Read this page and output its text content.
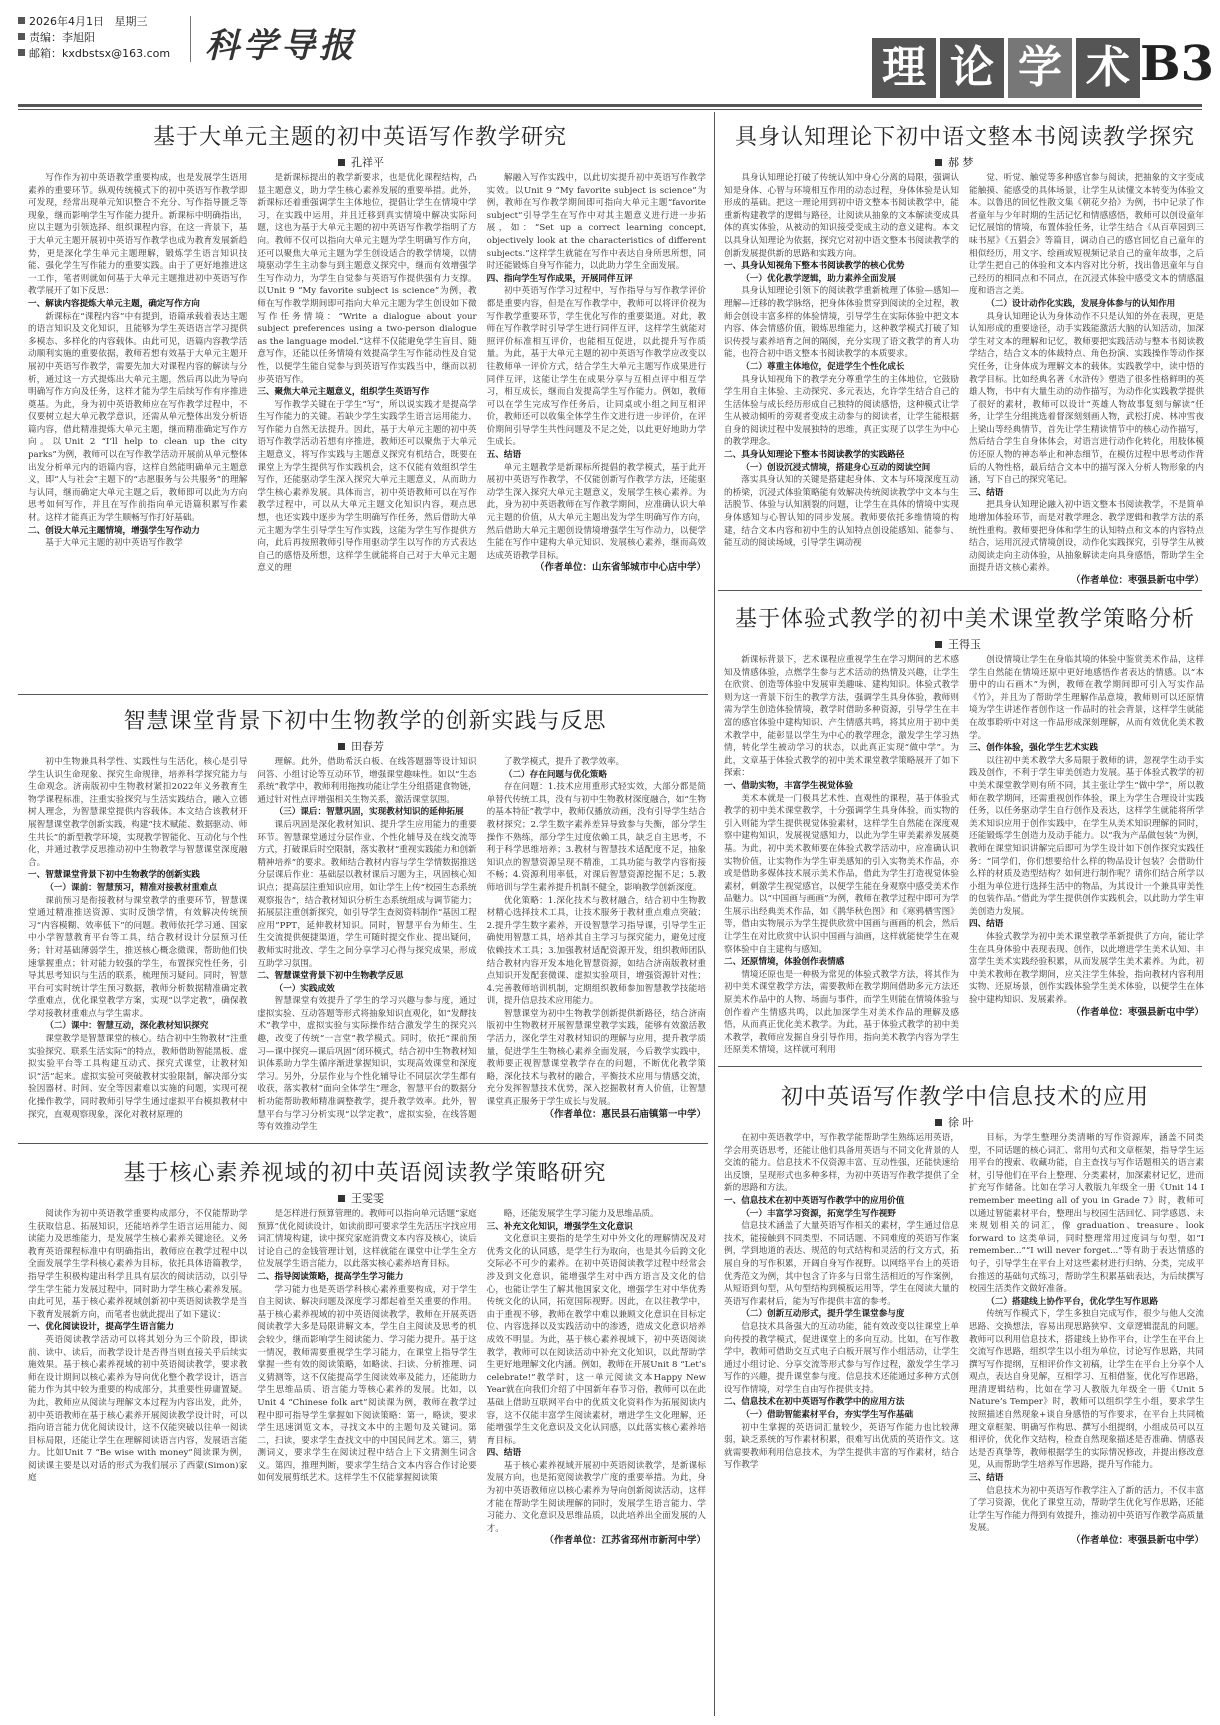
2026年4月1日 星期三
责编：李旭阳
邮箱：kxdbstsx@163.com	科学导报	理 论 学 术 B3
基于大单元主题的初中英语写作教学研究
孔祥平

写作作为初中英语教学重要构成，也是发展学生语用素养的重要环节。纵观传统模式下的初中英语写作教学即可发现，经常出现单元知识整合不充分、写作指导匮乏等现象，继而影响学生写作能力提升。新课标中明确指出，应以主题为引领选择、组织课程内容，在这一背景下，基于大单元主题开展初中英语写作教学也成为教育发展新趋势，更是深化学生单元主题理解，锻炼学生语言知识技能、强化学生写作能力的重要实践。由于了更好地推进这一工作，笔者则就如何基于大单元主题推进初中英语写作教学展开了如下反思：

一、解读内容提炼大单元主题，确定写作方向

新课标在“课程内容”中有提到，语篇承载着表达主题的语言知识及文化知识，且能够为学生英语语言学习提供多模态、多样化的内容载体。由此可见，语篇内容教学活动顺利实施的重要依据，教师若想有效基于大单元主题开展初中英语写作教学，需要先加大对课程内容的解读与分析，通过这一方式提炼出大单元主题，然后再以此为导向明确写作方向及任务，这样才能为学生后续写作有序推进奠基。为此，身为初中英语教师应在写作教学过程中，不仅要树立起大单元教学意识，还需从单元整体出发分析语篇内容，借此精准提炼大单元主题，继而精准确定写作方向。以Unit 2 “I’ll help to clean up the city parks”为例，教师可以在写作教学活动开展前从单元整体出发分析单元内的语篇内容，这样自然能明确单元主题意义，即“人与社会”主题下的“志愿服务与公共服务”的理解与认同，继而确定大单元主题之后，教师即可以此为方向思考如何写作，并且在写作前指向单元语篇积累写作素材。这样才能真正为学生顺畅写作打好基础。

二、创设大单元主题情境，增强学生写作动力

基于大单元主题的初中英语写作教学

是新课标提出的教学新要求，也是优化课程结构，凸显主题意义，助力学生核心素养发展的重要举措。此外，新课标还着重强调学生主体地位，提倡让学生在情境中学习，在实践中运用，并且迁移到真实情境中解决实际问题，这也为基于大单元主题的初中英语写作教学指明了方向。教师不仅可以指向大单元主题为学生明确写作方向，还可以聚焦大单元主题为学生创设适合的教学情境，以情境驱动学生主动参与到主题意义探究中，继而有效增强学生写作动力，为学生自觉参与英语写作提供强有力支撑。以Unit 9 “My favorite subject is science”为例，教师在写作教学期间即可指向大单元主题为学生创设如下微写作任务情境：“Write a dialogue about your subject preferences using a two-person dialogue as the language model.”这样不仅能避免学生盲目、随意写作，还能以任务情境有效提高学生写作能动性及自觉性，以便学生能自觉参与到英语写作实践当中，继而以初步英语写作。

三、聚焦大单元主题意义，组织学生英语写作

写作教学关键在于学生“写”，所以说实践才是提高学生写作能力的关键。若缺少学生实践学生语言运用能力、写作能力自然无法提升。因此，基于大单元主题的初中英语写作教学活动若想有序推进，教师还可以聚焦于大单元主题意义，将写作实践与主题意义探究有机结合，既要在课堂上为学生提供写作实践机会，这不仅能有效组织学生写作，还能驱动学生深入探究大单元主题意义，从而助力学生核心素养发展。具体而言，初中英语教师可以在写作教学过程中，可以从大单元主题文化知识内容，观点思想，也还实践中逐步为学生明确写作任务，然后借助大单元主题为学生引导学生写作实践，这能为学生写作提供方向，此后再按照教师引导作用驱动学生以写作的方式表达自己的感悟及所想，这样学生就能将自己对于大单元主题意义的理

解融入写作实践中，以此切实提升初中英语写作教学实效。以Unit 9 “My favorite subject is science”为例，教师在写作教学期间即可指向大单元主题“favorite subject”引导学生在写作中对其主题意义进行进一步拓展，如：“Set up a correct learning concept, objectively look at the characteristics of different subjects.”这样学生就能在写作中表达自身所思所想，同时还能锻炼自身写作能力，以此助力学生全面发展。

四、指向学生写作成果，开展同伴互评

初中英语写作学习过程中，写作指导与写作教学评价都是重要内容，但是在写作教学中，教师可以将评价视为写作教学重要环节，学生优化写作的重要渠道。对此，教师在写作教学时引导学生进行同伴互评，这样学生就能对照评价标准相互评价，也能相互促进，以此提升写作质量。为此，基于大单元主题的初中英语写作教学应改变以往教师单一评价方式，结合学生大单元主题写作成果进行同伴互评，这能让学生在成果分享与互相点评中相互学习，相互成长，继而自发提高学生写作能力。例如，教师可以在学生完成写作任务后，让同桌或小组之间互相评价，教师还可以收集全体学生作文进行进一步评价，在评价期间引导学生共性问题及不足之处，以此更好地助力学生成长。

五、结语

单元主题教学是新课标所提倡的教学模式，基于此开展初中英语写作教学，不仅能创新写作教学方法，还能驱动学生深入探究大单元主题意义，发展学生核心素养。为此，身为初中英语教师在写作教学期间，应准确认识大单元主题的价值，从大单元主题出发为学生明确写作方向，然后借助大单元主题创设情境增强学生写作动力，以便学生能在写作中建构大单元知识、发展核心素养，继而高效达成英语教学目标。

（作者单位：山东省邹城市中心店中学）
智慧课堂背景下初中生物教学的创新实践与反思
田春芳

初中生物兼具科学性、实践性与生活化，核心是引导学生认识生命现象、探究生命规律，培养科学探究能力与生命观念。济南版初中生物教材紧扣2022年义务教育生物学课程标准，注重实验探究与生活实践结合，融入立德树人理念，为智慧课堂提供内容载体。本文结合该教材开展智慧课堂教学创新实践，构建“技术赋能、数据驱动、师生共长”的新型教学环境，实现教学智能化、互动化与个性化，并通过教学反思推动初中生物教学与智慧课堂深度融合。

一、智慧课堂背景下初中生物教学的创新实践

（一）课前：智慧预习，精准对接教材重难点

课前预习是衔接教材与课堂教学的重要环节，智慧课堂通过精准推送资源、实时反馈学情，有效解决传统预习“内容模糊、效率低下”的问题。教师依托学习通、国家中小学智慧教育平台等工具，结合教材设计分层预习任务；针对基础薄弱学生，推送核心概念微课，帮助他们快速掌握重点；针对能力较强的学生，布置探究性任务，引导其思考知识与生活的联系，梳理预习疑问。同时，智慧平台可实时统计学生预习数据，教师分析数据精准确定教学重难点，优化课堂教学方案，实现“以学定教”，确保教学对接教材重难点与学生需求。

（二）课中：智慧互动，深化教材知识探究

课堂教学是智慧课堂的核心。结合初中生物教材“注重实验探究、联系生活实际”的特点，教师借助智能黑板、虚拟实验平台等工具构建互动式、探究式课堂，让教材知识“活”起来。虚拟实验可突破教材实验限制，解决部分实验因器材、时间、安全等因素难以实施的问题，实现可视化操作教学，同时教师引导学生通过虚拟平台模拟教材中探究，直观观察现象，深化对教材原理的

理解。此外，借助希沃白板、在线答题器等设计知识问答、小组讨论等互动环节，增强课堂趣味性。如以“生态系统”教学中，教师利用拖拽功能让学生分组搭建食物链，通过针对性点评增强相关生物关系，激活课堂氛围。

（三）课后：智慧巩固，实现教材知识的延伸拓展

课后巩固是深化教材知识、提升学生应用能力的重要环节。智慧课堂通过分层作业、个性化辅导及在线交流等方式，打破课后时空限制，落实教材“重视实践能力和创新精神培养”的要求。教师结合教材内容与学生学情数据推送分层课后作业：基础层以教材课后习题为主，巩固核心知识点；提高层注重知识应用，如让学生上传“校园生态系统观察报告”，结合教材知识分析生态系统组成与调节能力；拓展层注重创新探究，如引导学生查阅资料制作“基因工程应用”PPT，延伸教材知识。同时，智慧平台为师生、生生交流提供便捷渠道，学生可随时提交作业、提出疑问，教师实时批改、学生之间分享学习心得与探究成果，形成互助学习氛围。

二、智慧课堂背景下初中生物教学反思

（一）实践成效

智慧课堂有效提升了学生的学习兴趣与参与度，通过虚拟实验、互动答题等形式将抽象知识直观化，如“发酵技术”教学中，虚拟实验与实际操作结合激发学生的探究兴趣，改变了传统“一言堂”教学模式。同时，依托“课前预习—课中探究—课后巩固”闭环模式，结合初中生物教材知识体系助力学生循序渐进掌握知识，实现高效课堂和深度学习。另外，分层作业与个性化辅导让不同层次学生都有收获，落实教材“面向全体学生”理念，智慧平台的数据分析功能帮助教师精准调整教学，提升教学效率。此外，智慧平台与学习分析实现“以学定教”，虚拟实验，在线答题等有效推动学生

了教学模式，提升了教学效率。

（二）存在问题与优化策略

存在问题：1.技术应用重形式轻实效，大部分都是简单替代传统工具，没有与初中生物教材深度融合，如“生物的基本特征”教学中，教师仅播放动画，没有引导学生结合教材探究；2.学生数字素养差异导致参与失衡，部分学生操作不熟练，部分学生过度依赖工具，缺乏自主思考，不利于科学思维培养；3.教材与智慧技术适配度不足，抽象知识点的智慧资源呈现不精准，工具功能与教学内容衔接不畅；4.资源利用率低，对课后智慧资源挖掘不足；5.教师培训与学生素养提升机制不健全，影响教学创新深度。

优化策略：1.深化技术与教材融合，结合初中生物教材精心选择技术工具，让技术服务于教材重点难点突破；2.提升学生数字素养，开设智慧学习指导课，引导学生正确使用智慧工具，培养其自主学习与探究能力，避免过度依赖技术工具；3.加强教材适配资源开发，组织教师团队结合教材内容开发本地化智慧资源，如结合济南版教材重点知识开发配套微课、虚拟实验项目，增强资源针对性；4.完善教师培训机制，定期组织教师参加智慧教学技能培训，提升信息技术应用能力。

智慧课堂为初中生物教学创新提供新路径，结合济南版初中生物教材开展智慧课堂教学实践，能够有效激活教学活力，深化学生对教材知识的理解与应用，提升教学质量，促进学生生物核心素养全面发展，今后教学实践中，教师要正视智慧课堂教学存在的问题，不断优化教学策略，深化技术与教材的融合，平衡技术应用与情感交流，充分发挥智慧技术优势，深入挖掘教材育人价值，让智慧课堂真正服务于学生成长与发展。

（作者单位：惠民县石庙镇第一中学）
基于核心素养视域的初中英语阅读教学策略研究
王雯雯

阅读作为初中英语教学重要构成部分，不仅能帮助学生获取信息、拓展知识，还能培养学生语言运用能力、阅读能力及思维能力，是发展学生核心素养关键途径。义务教育英语课程标准中有明确指出，教师应在教学过程中以全面发展学生学科核心素养为目标，依托具体语篇教学，指导学生积极构建出科学且具有层次的阅读活动，以引导学生学生能力发展过程中，同时助力学生核心素养发展。由此可见，基于核心素养视域创新初中英语阅读教学是当下教育发展新方向，而笔者也就此提出了如下建议：

一、优化阅读设计，提高学生语言能力

英语阅读教学活动可以将其划分为三个阶段，即读前、读中、读后，而教学设计是否得当则直接关乎后续实施效果。基于核心素养视域的初中英语阅读教学，要求教师在设计期间以核心素养为导向优化整个教学设计，语言能力作为其中较为重要的构成部分，其重要性毋庸置疑。为此，教师应从阅读与理解文本过程为内容出发，此外，初中英语教师在基于核心素养开展阅读教学设计时，可以指向语言能力优化阅读设计，这不仅能突破以往单一阅读目标局限，还能让学生在理解阅读语言内容，发展语言能力。比如Unit 7 “Be wise with money”阅读课为例，阅读课主要是以对话的形式为我们展示了西蒙(Simon)家庭

是怎样进行预算管理的。教师可以指向单元话题“家庭预算”优化阅读设计，如读前即可要求学生先活压字找应用词汇情境构建，读中探究家庭消费文本内容及核心，读后讨论自己的金钱管理计划，这样就能在课堂中让学生全方位发展学生语言能力，以此落实核心素养培育目标。

二、指导阅读策略，提高学生学习能力

学习能力也是英语学科核心素养重要构成，对于学生自主阅读、解决问题及深度学习都起着至关重要的作用。基于核心素养视域的初中英语阅读教学，教师在开展英语阅读教学大多是局限讲解文本，学生自主阅读及思考的机会较少，继而影响学生阅读能力、学习能力提升。基于这一情况，教师需要重视学生学习能力，在课堂上指导学生掌握一些有效的阅读策略，如略读、扫读、分析推理、词义猜测等，这不仅能提高学生阅读效率及能力，还能助力学生思维品质、语言能力等核心素养的发展。比如，以Unit 4 “Chinese folk art”阅读课为例，教师在教学过程中即可指导学生掌握如下阅读策略：第一，略读，要求学生迅速浏览文本，寻找文本中的主题句及关键词。第二，扫读，要求学生查找文中的中国民间艺术。第三，猜测词义，要求学生在阅读过程中结合上下文猜测生词含义。第四，推理判断，要求学生结合文本内容合作讨论要如何发展剪纸艺术。这样学生不仅能掌握阅读策

略，还能发展学生学习能力及思维品质。

三、补充文化知识，增强学生文化意识

文化意识主要指的是学生对中外文化的理解情况及对优秀文化的认同感，是学生行为取向，也是其今后跨文化交际必不可少的素养。在初中英语阅读教学过程中经常会涉及到文化意识，能增强学生对中西方语言及文化的信心，也能让学生了解其他国家文化，增强学生对中华优秀传统文化的认同，拓宽国际视野。因此，在以往教学中，由于重视不够，教师在教学中难以兼顾文化意识在目标定位、内容选择以及实践活动中的渗透，造成文化意识培养成效不明显。为此，基于核心素养视域下，初中英语阅读教学，教师可以在阅读活动中补充文化知识，以此帮助学生更好地理解文化内涵。例如，教师在开展Unit 8 “Let’s celebrate!”教学时，这一单元阅读文本Happy New Year就在向我们介绍了中国新年春节习俗，教师可以在此基础上借助互联网平台中的优质文化资料作为拓展阅读内容，这不仅能丰富学生阅读素材，增进学生文化理解，还能增强学生文化意识及文化认同感，以此落实核心素养培育目标。

四、结语

基于核心素养视域开展初中英语阅读教学，是新课标发展方向，也是拓宽阅读教学广度的重要举措。为此，身为初中英语教师应以核心素养为导向创新阅读活动，这样才能在帮助学生阅读理解的同时，发展学生语言能力、学习能力、文化意识及思维品质，以此培养出全面发展的人才。

（作者单位：江苏省邳州市新河中学）
具身认知理论下初中语文整本书阅读教学探究
郝 梦

具身认知理论打破了传统认知中身心分离的局限，强调认知是身体、心智与环境相互作用的动态过程，身体体验是认知形成的基础。把这一理论用到初中语文整本书阅读教学中，能重新构建教学的逻辑与路径，让阅读从抽象的文本解读变成具体的真实体验，从被动的知识接受变成主动的意义建构。本文以具身认知理论为依据，探究它对初中语文整本书阅读教学的创新发展提供新的思路和实践方向。

一、具身认知视角下整本书阅读教学的核心优势

（一）优化教学逻辑，助力素养全面发展

具身认知理论引领下的阅读教学重新梳理了体验—感知—理解—迁移的教学脉络，把身体体验贯穿到阅读的全过程，教师会创设丰富多样的体验情境，引导学生在实际体验中把文本内容、体会情感价值，锻炼思维能力，这种教学模式打破了知识传授与素养培育之间的隔阂，充分实现了语文教学的育人功能，也符合初中语文整本书阅读教学的本质要求。

（二）尊重主体地位，促进学生个性化成长

具身认知视角下的教学充分尊重学生的主体地位，它鼓励学生用自主体验、主动探究、多元表达，允许学生结合自己的生活体验与成长经历形成自己独特的阅读感悟，这种模式让学生从被动倾听的旁观者变成主动参与的阅读者，让学生能根据自身的阅读过程中发展独特的思维，真正实现了以学生为中心的教学理念。

二、具身认知理论下整本书阅读教学的实践路径

（一）创设沉浸式情境，搭建身心互动的阅读空间

落实具身认知的关键是搭建起身体、文本与环境深度互动的桥梁，沉浸式体验策略能有效解决传统阅读教学中文本与生活脱节、体验与认知割裂的问题，让学生在具体的情境中实现身体感知与心智认知的同步发展。教师要依托多维情境的构建，结合文本内容和初中生的认知特点创设能感知、能参与、能互动的阅读场域，引导学生调动视

觉、听觉、触觉等多种感官参与阅读，把抽象的文字变成能触摸、能感受的具体场景，让学生从读懂文本转变为体验文本。以鲁迅的回忆性散文集《朝花夕拾》为例，书中记录了作者童年与少年时期的生活记忆和情感感悟，教师可以创设童年记忆展馆的情境，布置体验任务，让学生结合《从百草园到三味书屋》《五猖会》等篇目，调动自己的感官回忆自己童年的相似经历，用文字、绘画或短视频记录自己的童年故事，之后让学生把自己的体验和文本内容对比分析，找出鲁迅童年与自己经历的相同点和不同点，在沉浸式体验中感受文本的情感温度和语言之美。

（二）设计动作化实践，发展身体参与的认知作用

具身认知理论认为身体动作不只是认知的外在表现，更是认知形成的重要途径，动手实践能激活大脑的认知活动，加深学生对文本的理解和记忆，教师要把实践活动与整本书阅读教学结合，结合文本的体裁特点、角色扮演、实践操作等动作探究任务，让身体成为理解文本的载体。实践教学中，读中悟的教学目标。比如经典名著《水浒传》塑造了很多性格鲜明的英雄人物，书中有大量生动的动作描写，为动作化实践教学提供了很好的素材，教师可以设计“英雄人物故事复刻与解读”任务，让学生分组挑选着督深刻刻画人物，武松打虎、林冲雪夜上梁山等经典情节，首先让学生精读情节中的核心动作描写，然后结合学生自身体体会，对语言进行动作化转化，用肢体模仿还原人物的神态举止和神态细节，在模仿过程中思考动作背后的人物性格，最后结合文本中的描写深入分析人物形象的内涵，写下自己的探究笔记。

三、结语

把具身认知理论融入初中语文整本书阅读教学，不是简单地增加体验环节，而是对教学理念、教学逻辑和教学方法的系统性重构。教师要把身体和学生的认知特点和文本的内容特点结合，运用沉浸式情境创设，动作化实践探究，引导学生从被动阅读走向主动体验，从抽象解读走向具身感悟，帮助学生全面提升语文核心素养。

（作者单位：枣强县新屯中学）
基于体验式教学的初中美术课堂教学策略分析
王得玉

新课标背景下，艺术课程应重视学生在学习期间的艺术感知及情感体验，点燃学生参与艺术活动的热情及兴趣，让学生在欣赏、创造等体验中发展审美趣味、建构知识。体验式教学则为这一背景下衍生的教学方法，强调学生具身体验，教师则需为学生创造体验情境，教学时借助多种资源，引导学生在丰富的感官体验中建构知识、产生情感共鸣，将其应用于初中美术教学中，能彰显以学生为中心的教学理念，激发学生学习热情，转化学生被动学习的状态，以此真正实现“做中学”。为此，文章基于体验式教学的初中美术课堂教学策略展开了如下探索：

一、借助实物，丰富学生视觉体验

美术本就是一门极具艺术性、直观性的课程，基于体验式教学的初中美术课堂教学，十分强调学生具身体验，而实物的引入则能为学生提供视觉体验素材，这样学生自然能在深度观察中建构知识，发展视觉感知力，以此为学生审美素养发展奠基。为此，初中美术教师要在体验式教学活动中，应准确认识实物价值，让实物作为学生审美感知的引入实物美术作品，亦或是借助多媒体技术展示美术作品，借此为学生打造视觉体验素材，刺激学生视觉感官，以便学生能在身观察中感受美术作品魅力。以“中国画与画画”为例，教师在教学过程中即可为学生展示出经典美术作品，如《鹊华秋色图》和《寒鸦栖雪图》等，借由实物展示为学生提供欣赏中国画与画画的机会，然后让学生在对比欣赏中认识中国画与油画，这样就能使学生在观察体验中自主建构与感知。

二、还原情境，体验创作表情感

情境还原也是一种极为常见的体验式教学方法，将其作为初中美术课堂教学方法，需要教师在教学期间借助多元方法还原美术作品中的人物、场面与事件，而学生则能在情境体验与创作着产生情感共鸣，以此加深学生对美术作品的理解及感悟，从而真正优化美术教学。为此，基于体验式教学的初中美术教学，教师应发掘自身引导作用，指向美术教学内容为学生还原美术情境，这样就可利用

创设情境让学生在身临其境的体验中鉴赏美术作品，这样学生自然能在情境还原中更好地感悟作者表达的情感。以“本册中的山石画木”为例，教师在教学期间即可引入写实作品《竹》，并且为了帮助学生理解作品意境，教师则可以还原情境为学生讲述作者创作这一作品时的社会背景，这样学生就能在故事聆听中对这一作品形成深刻理解，从而有效优化美术教学。

三、创作体验，强化学生艺术实践

以往初中美术教学大多局限于教师的讲，忽视学生动手实践及创作，不利于学生审美创造力发展。基于体验式教学的初中美术课堂教学则有所不同，其主张让学生“做中学”，所以教师在教学期间，还需重视创作体验，课上为学生合理设计实践任务，以任务驱动学生自行创作及表达，这样学生就能将所学美术知识应用于创作实践中，在学生从美术知识理解的同时，还能锻炼学生创造力及动手能力。以“我为产品做包装”为例，教师在课堂知识讲解完后即可为学生设计如下创作探究实践任务：“同学们，你们想要给什么样的物品设计包装？会借助什么样的材质及造型结构？如何进行制作呢？请你们结合所学以小组为单位进行选择生活中的物品，为其设计一个兼具审美性的包装作品。”借此为学生提供创作实践机会，以此助力学生审美创造力发展。

四、结语

体验式教学为初中美术课堂教学革新提供了方向，能让学生在具身体验中表现表现、创作，以此增进学生美术认知、丰富学生美术实践经验积累，从而发展学生美术素养。为此，初中美术教师在教学期间，应关注学生体验，指向教材内容利用实物、还原场景，创作实践体验学生美术体验，以便学生在体验中建构知识、发展素养。

（作者单位：枣强县新屯中学）
初中英语写作教学中信息技术的应用
徐 叶

在初中英语教学中，写作教学能帮助学生熟练运用英语，学会用英语思考，还能让他们具备用英语与不同文化背景的人交流的能力。信息技术不仅资源丰富、互动性强，还能快速给出反馈，呈现形式也多种多样，为初中英语写作教学提供了全新的思路和方法。

一、信息技术在初中英语写作教学中的应用价值

（一）丰富学习资源，拓宽学生写作视野

信息技术涵盖了大量英语写作相关的素材，学生通过信息技术，能接触到不同类型、不同话题、不同难度的英语写作案例，学到地道的表达、规范的句式结构和灵活的行文方式，拓展自身的写作积累，开阔自身写作视野。以网络平台上的英语优秀范文为例，其中包含了许多与日常生活相近的写作案例，从短语到句型，从句型结构到模板运用等，学生在阅读大量的英语写作素材后，能为写作提供丰富的参考。

（二）创新互动形式，提升学生课堂参与度

信息技术具备强大的互动功能，能有效改变以往课堂上单向传授的教学模式，促进课堂上的多向互动。比如，在写作教学中，教师可借助交互式电子白板开展写作小组活动，让学生通过小组讨论、分享交流等形式参与写作过程，激发学生学习写作的兴趣，提升课堂参与度。信息技术还能通过多种方式创设写作情境，对学生自由写作提供支持。

二、信息技术在初中英语写作教学中的应用方法

（一）借助智能素材平台，夯实学生写作基础

初中生掌握的英语词汇量较少，英语写作能力也比较薄弱，缺乏系统的写作素材积累，很难写出优质的英语作文。这就需要教师利用信息技术，为学生提供丰富的写作素材，结合写作教学

目标，为学生整理分类清晰的写作资源库，涵盖不同类型，不同话题的核心词汇、常用句式和文章框架，指导学生运用平台的搜索、收藏功能，自主查找与写作话题相关的语言素材，引导他们在平台上整理、分类素材，加深素材记忆，进而扩充写作储备。比如在学习人教版九年级全一册《Unit 14 I remember meeting all of you in Grade 7》时，教师可以通过智能素材平台，整理出与校园生活回忆、同学感恩、未来规划相关的词汇，像 graduation、treasure、look forward to 这类单词，同时整理常用过度词与句型，如“I remember...”“I will never forget...”等有助于表达情感的句子，引导学生在平台上对这些素材进行归纳、分类，完成平台推送的基础句式练习，帮助学生积累基础表达，为后续撰写校园生活类作文做好准备。

（二）搭建线上协作平台，优化学生写作思路

传统写作模式下，学生多独自完成写作，很少与他人交流思路、交换想法，容易出现思路狭窄、文章逻辑混乱的问题。教师可以利用信息技术，搭建线上协作平台，让学生在平台上交流写作思路，组织学生以小组为单位，讨论写作思路，共同撰写写作提纲，互相评价作文初稿，让学生在平台上分享个人观点，表达自身见解，互相学习、互相借鉴，优化写作思路，理清逻辑结构，比如在学习人教版九年级全一册《Unit 5 Nature’s Temper》时，教师可以组织学生小组，要求学生按照描述自然现象+谈自身感悟的写作要求，在平台上共同梳理文章框架、明确写作构思、撰写小组提纲，小组成员可以互相评价，优化作文结构，检查自然现象描述是否准确、情感表达是否真挚等，教师根据学生的实际情况修改，并提出修改意见，从而帮助学生培养写作思路，提升写作能力。

三、结语

信息技术为初中英语写作教学注入了新的活力，不仅丰富了学习资源，优化了课堂互动，帮助学生优化写作思路，还能让学生写作能力得到有效提升，推动初中英语写作教学高质量发展。

（作者单位：枣强县新屯中学）
